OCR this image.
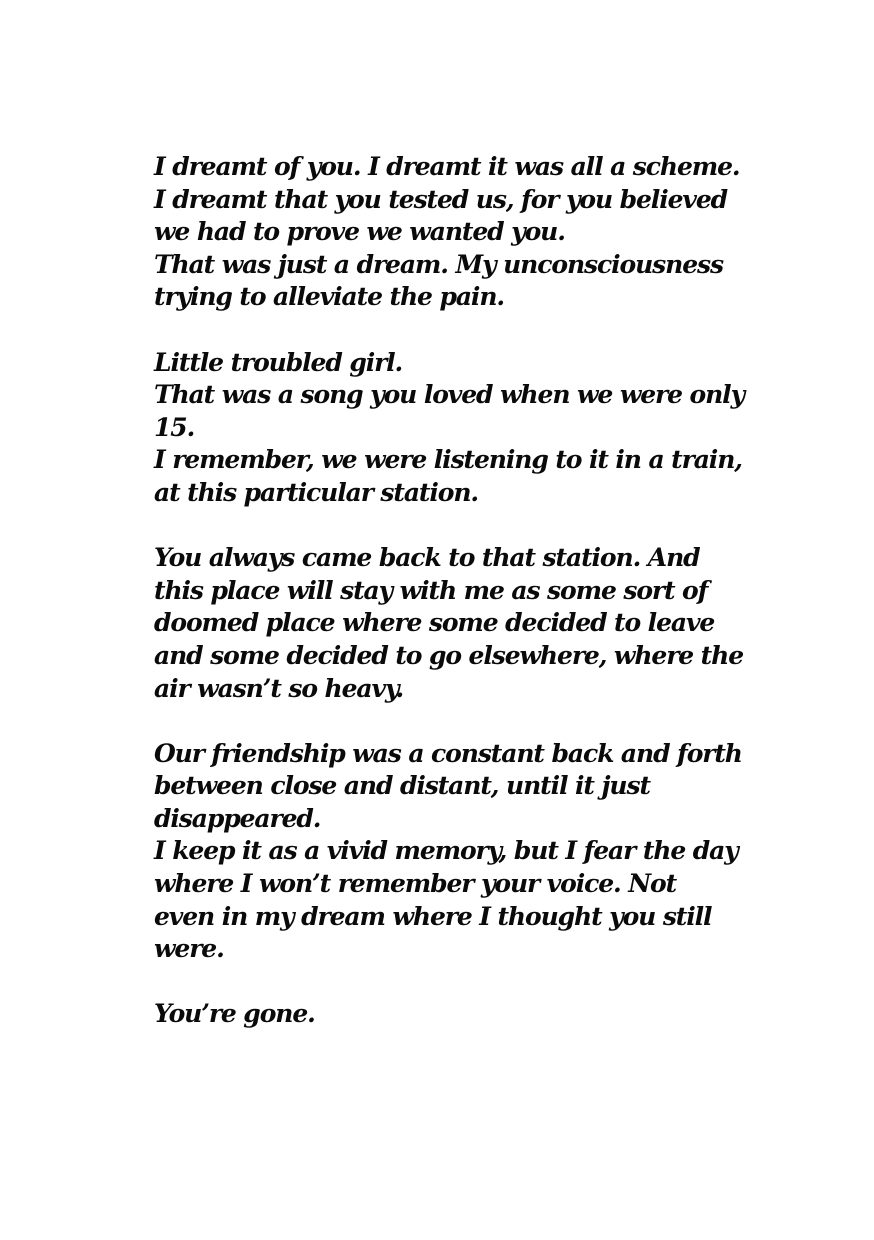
I dreamt of you. I dreamt it was all a scheme.
I dreamt that you tested us, for you believed
we had to prove we wanted you.
That was just a dream. My unconsciousness
trying to alleviate the pain.
Little troubled girl.
That was a song you loved when we were only
15.
I remember, we were listening to it in a train,
at this particular station.
You always came back to that station. And
this place will stay with me as some sort of
doomed place where some decided to leave
and some decided to go elsewhere, where the
air wasn’t so heavy.
Our friendship was a constant back and forth
between close and distant, until it just
disappeared.
I keep it as a vivid memory, but I fear the day
where I won’t remember your voice. Not
even in my dream where I thought you still
were.
You’re gone.
